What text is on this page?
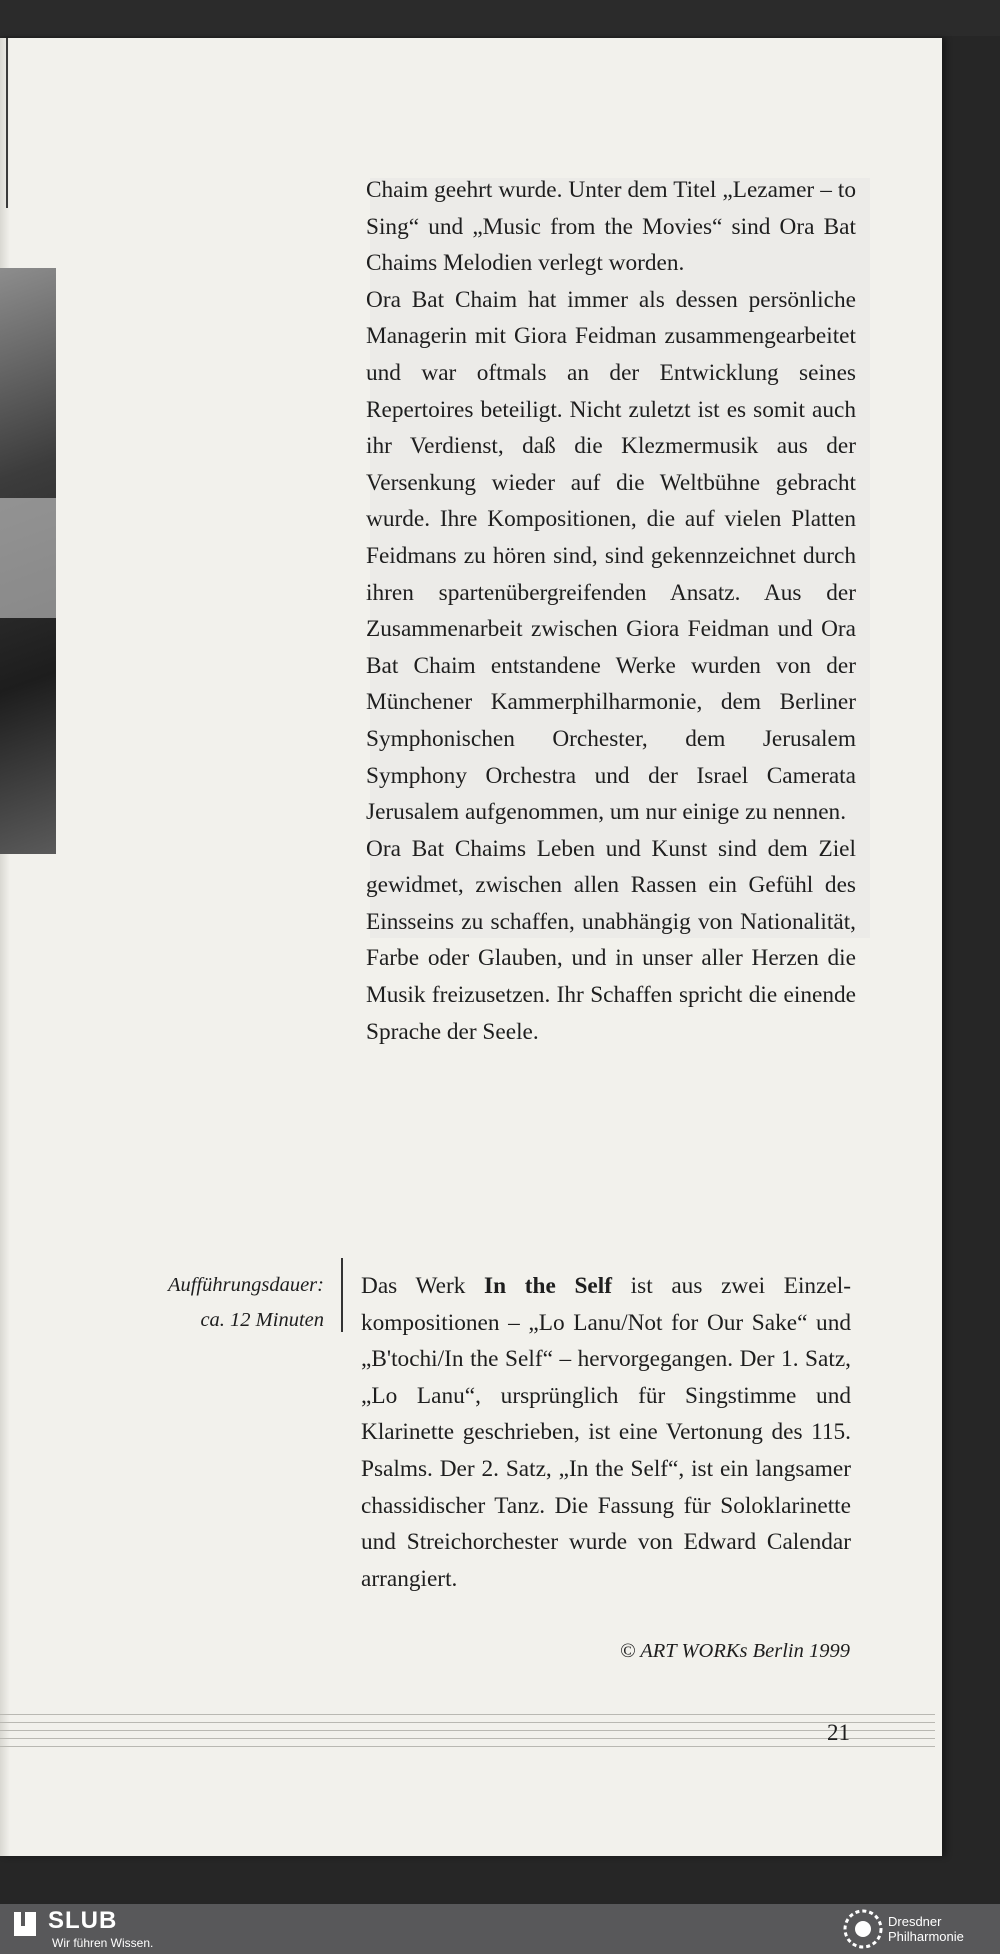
Chaim geehrt wurde. Unter dem Titel „Lezamer – to Sing“ und „Music from the Movies“ sind Ora Bat Chaims Melodien verlegt worden.

Ora Bat Chaim hat immer als dessen persönliche Managerin mit Giora Feidman zusammengearbeitet und war oftmals an der Entwicklung seines Repertoires beteiligt. Nicht zuletzt ist es somit auch ihr Verdienst, daß die Klezmermusik aus der Versenkung wieder auf die Weltbühne gebracht wurde. Ihre Kompositionen, die auf vielen Platten Feidmans zu hören sind, sind gekennzeichnet durch ihren spartenübergreifenden Ansatz. Aus der Zusammenarbeit zwischen Giora Feidman und Ora Bat Chaim entstandene Werke wurden von der Münchener Kammerphilharmonie, dem Berliner Symphonischen Orchester, dem Jerusalem Symphony Orchestra und der Israel Camerata Jerusalem aufgenommen, um nur einige zu nennen.

Ora Bat Chaims Leben und Kunst sind dem Ziel gewidmet, zwischen allen Rassen ein Gefühl des Einsseins zu schaffen, unabhängig von Nationalität, Farbe oder Glauben, und in unser aller Herzen die Musik freizusetzen. Ihr Schaffen spricht die einende Sprache der Seele.

Aufführungsdauer:
ca. 12 Minuten

Das Werk In the Self ist aus zwei Einzelkompositionen – „Lo Lanu/Not for Our Sake“ und „B'tochi/In the Self“ – hervorgegangen. Der 1. Satz, „Lo Lanu“, ursprünglich für Singstimme und Klarinette geschrieben, ist eine Vertonung des 115. Psalms. Der 2. Satz, „In the Self“, ist ein langsamer chassidischer Tanz. Die Fassung für Soloklarinette und Streichorchester wurde von Edward Calendar arrangiert.

© ART WORKs Berlin 1999
21
SLUB
Wir führen Wissen.
Dresdner
Philharmonie
